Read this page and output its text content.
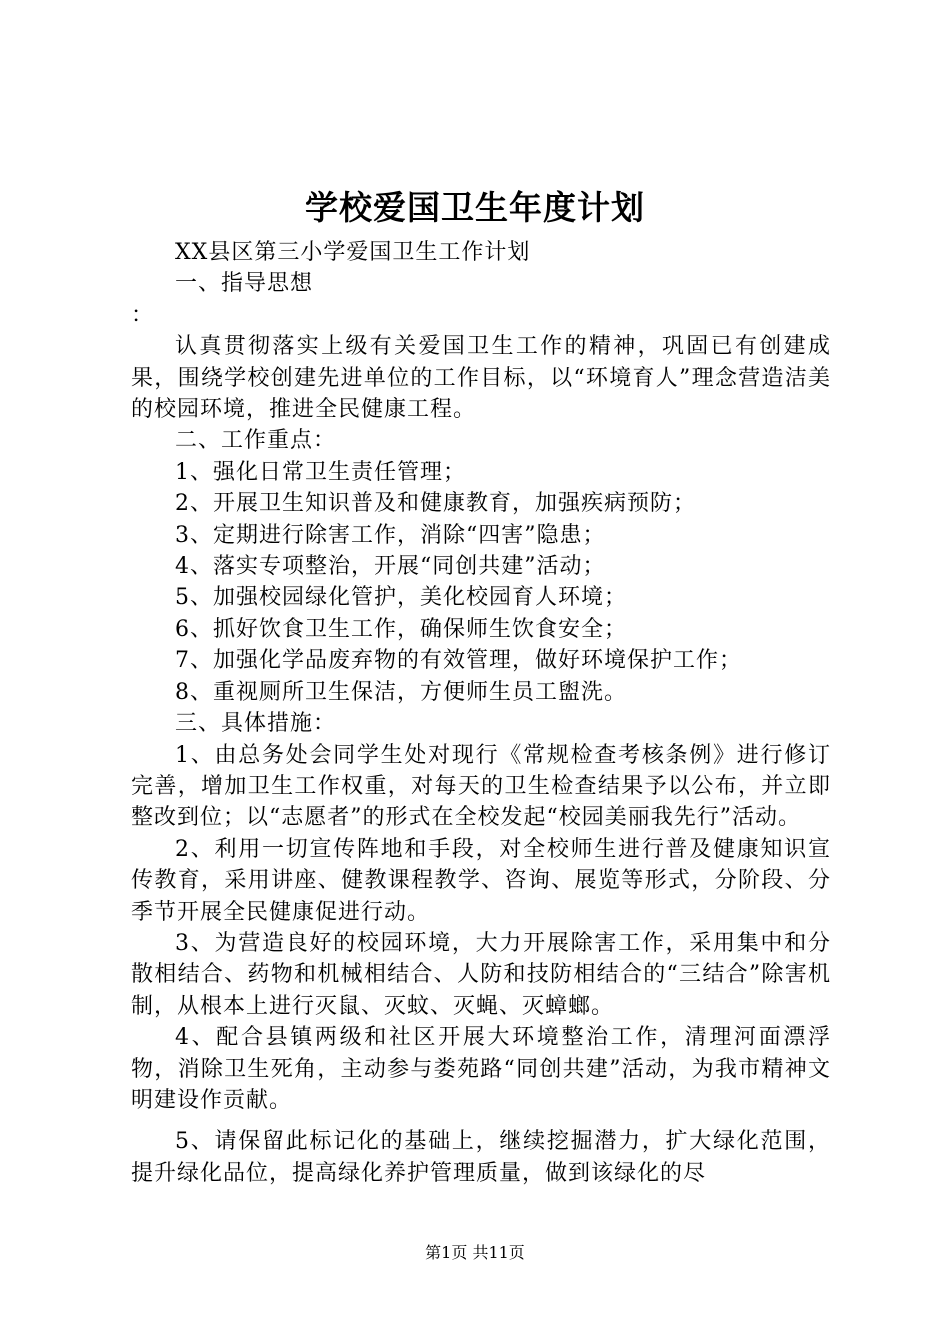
学校爱国卫生年度计划

XX县区第三小学爱国卫生工作计划

一、指导思想

：

认真贯彻落实上级有关爱国卫生工作的精神，巩固已有创建成果，围绕学校创建先进单位的工作目标，以“环境育人”理念营造洁美的校园环境，推进全民健康工程。

二、工作重点：

1、强化日常卫生责任管理；

2、开展卫生知识普及和健康教育，加强疾病预防；

3、定期进行除害工作，消除“四害”隐患；

4、落实专项整治，开展“同创共建”活动；

5、加强校园绿化管护，美化校园育人环境；

6、抓好饮食卫生工作，确保师生饮食安全；

7、加强化学品废弃物的有效管理，做好环境保护工作；

8、重视厕所卫生保洁，方便师生员工盥洗。

三、具体措施：

1、由总务处会同学生处对现行《常规检查考核条例》进行修订完善，增加卫生工作权重，对每天的卫生检查结果予以公布，并立即整改到位；以“志愿者”的形式在全校发起“校园美丽我先行”活动。

2、利用一切宣传阵地和手段，对全校师生进行普及健康知识宣传教育，采用讲座、健教课程教学、咨询、展览等形式，分阶段、分季节开展全民健康促进行动。

3、为营造良好的校园环境，大力开展除害工作，采用集中和分散相结合、药物和机械相结合、人防和技防相结合的“三结合”除害机制，从根本上进行灭鼠、灭蚊、灭蝇、灭蟑螂。

4、配合县镇两级和社区开展大环境整治工作，清理河面漂浮物，消除卫生死角，主动参与娄苑路“同创共建”活动，为我市精神文明建设作贡献。

5、请保留此标记化的基础上，继续挖掘潜力，扩大绿化范围，提升绿化品位，提高绿化养护管理质量，做到该绿化的尽

第1页 共11页
